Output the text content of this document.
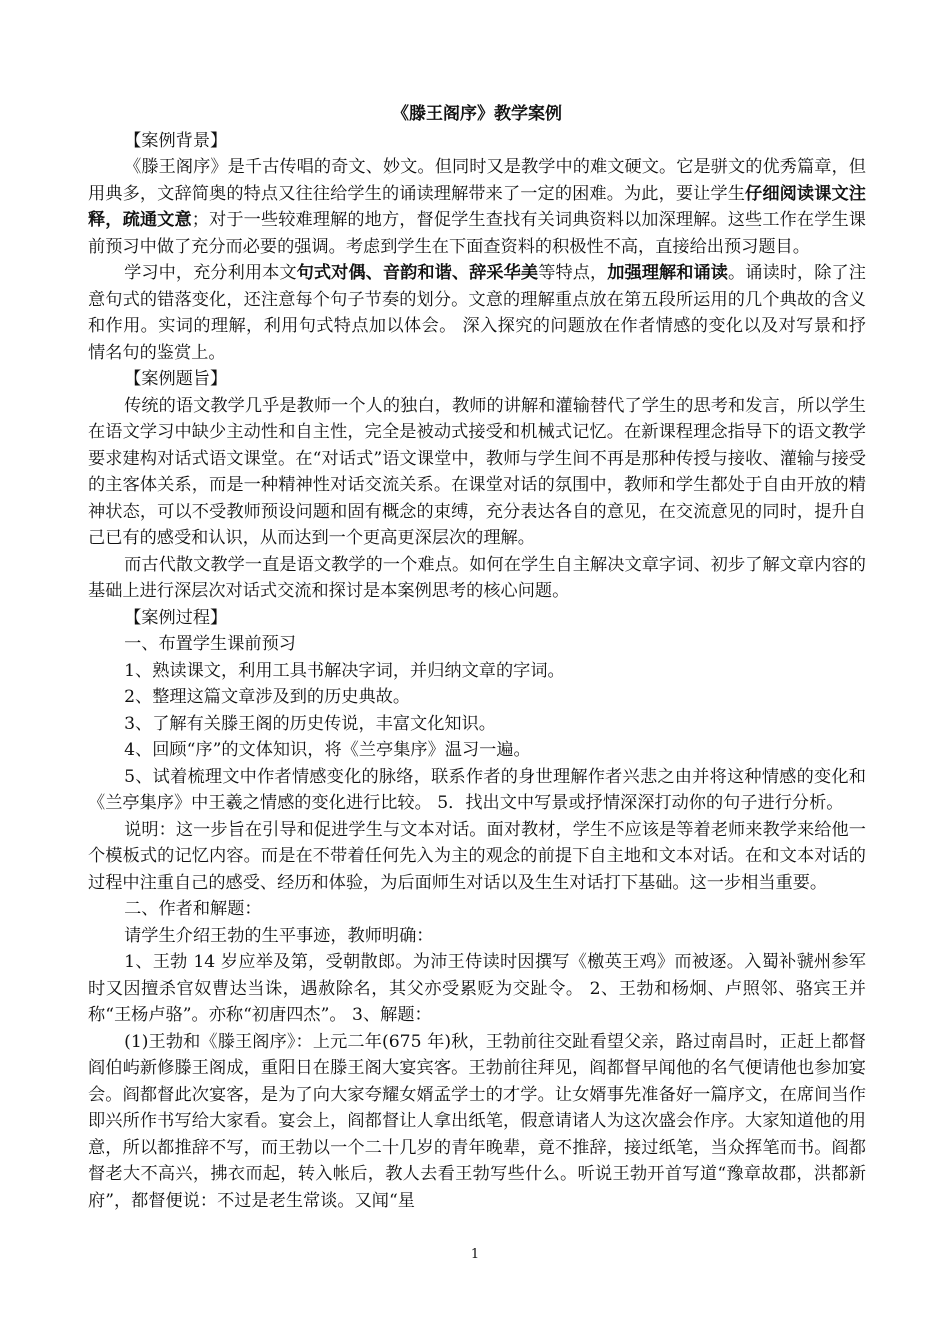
《滕王阁序》教学案例

【案例背景】

《滕王阁序》是千古传唱的奇文、妙文。但同时又是教学中的难文硬文。它是骈文的优秀篇章，但用典多，文辞简奥的特点又往往给学生的诵读理解带来了一定的困难。为此，要让学生仔细阅读课文注释，疏通文意；对于一些较难理解的地方，督促学生查找有关词典资料以加深理解。这些工作在学生课前预习中做了充分而必要的强调。考虑到学生在下面查资料的积极性不高，直接给出预习题目。

学习中，充分利用本文句式对偶、音韵和谐、辞采华美等特点，加强理解和诵读。诵读时，除了注意句式的错落变化，还注意每个句子节奏的划分。文意的理解重点放在第五段所运用的几个典故的含义和作用。实词的理解，利用句式特点加以体会。 深入探究的问题放在作者情感的变化以及对写景和抒情名句的鉴赏上。

【案例题旨】

传统的语文教学几乎是教师一个人的独白，教师的讲解和灌输替代了学生的思考和发言，所以学生在语文学习中缺少主动性和自主性，完全是被动式接受和机械式记忆。在新课程理念指导下的语文教学要求建构对话式语文课堂。在“对话式”语文课堂中，教师与学生间不再是那种传授与接收、灌输与接受的主客体关系，而是一种精神性对话交流关系。在课堂对话的氛围中，教师和学生都处于自由开放的精神状态，可以不受教师预设问题和固有概念的束缚，充分表达各自的意见，在交流意见的同时，提升自己已有的感受和认识，从而达到一个更高更深层次的理解。

而古代散文教学一直是语文教学的一个难点。如何在学生自主解决文章字词、初步了解文章内容的基础上进行深层次对话式交流和探讨是本案例思考的核心问题。

【案例过程】

一、布置学生课前预习

1、熟读课文，利用工具书解决字词，并归纳文章的字词。

2、整理这篇文章涉及到的历史典故。

3、了解有关滕王阁的历史传说，丰富文化知识。

4、回顾“序”的文体知识，将《兰亭集序》温习一遍。

5、试着梳理文中作者情感变化的脉络，联系作者的身世理解作者兴悲之由并将这种情感的变化和《兰亭集序》中王羲之情感的变化进行比较。 5．找出文中写景或抒情深深打动你的句子进行分析。

说明：这一步旨在引导和促进学生与文本对话。面对教材，学生不应该是等着老师来教学来给他一个模板式的记忆内容。而是在不带着任何先入为主的观念的前提下自主地和文本对话。在和文本对话的过程中注重自己的感受、经历和体验，为后面师生对话以及生生对话打下基础。这一步相当重要。

二、作者和解题：

请学生介绍王勃的生平事迹，教师明确：

1、王勃 14 岁应举及第，受朝散郎。为沛王侍读时因撰写《檄英王鸡》而被逐。入蜀补虢州参军时又因擅杀官奴曹达当诛，遇赦除名，其父亦受累贬为交趾令。 2、王勃和杨炯、卢照邻、骆宾王并称“王杨卢骆”。亦称“初唐四杰”。 3、解题：

(1)王勃和《滕王阁序》：上元二年(675 年)秋，王勃前往交趾看望父亲，路过南昌时，正赶上都督阎伯屿新修滕王阁成，重阳日在滕王阁大宴宾客。王勃前往拜见，阎都督早闻他的名气便请他也参加宴会。阎都督此次宴客，是为了向大家夸耀女婿孟学士的才学。让女婿事先准备好一篇序文，在席间当作即兴所作书写给大家看。宴会上，阎都督让人拿出纸笔，假意请诸人为这次盛会作序。大家知道他的用意，所以都推辞不写，而王勃以一个二十几岁的青年晚辈，竟不推辞，接过纸笔，当众挥笔而书。阎都督老大不高兴，拂衣而起，转入帐后，教人去看王勃写些什么。听说王勃开首写道“豫章故郡，洪都新府”，都督便说：不过是老生常谈。又闻“星

1
